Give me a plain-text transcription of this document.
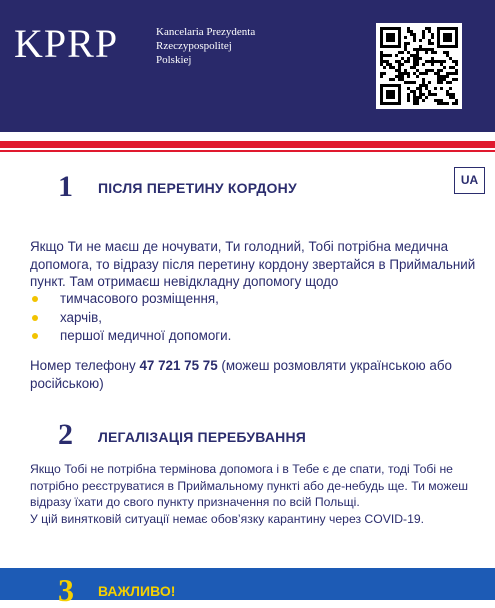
KPRP	Kancelaria Prezydenta
Rzeczypospolitej
Polskiej
1 ПІСЛЯ ПЕРЕТИНУ КОРДОНУ	UA
Якщо Ти не маєш де ночувати, Ти голодний, Тобі потрібна медична допомога, то відразу після перетину кордону звертайся в Приймальний пункт. Там отримаєш невідкладну допомогу щодо
тимчасового розміщення,
харчів,
першої медичної допомоги.
Номер телефону 47 721 75 75 (можеш розмовляти українською або російською)
2 ЛЕГАЛІЗАЦІЯ ПЕРЕБУВАННЯ
Якщо Тобі не потрібна термінова допомога і в Тебе є де спати, тоді Тобі не потрібно реєструватися в Приймальному пункті або де-небудь ще. Ти можеш відразу їхати до свого пункту призначення по всій Польщі.
У цій винятковій ситуації немає обов’язку карантину через COVID-19.
3 ВАЖЛИВО!
